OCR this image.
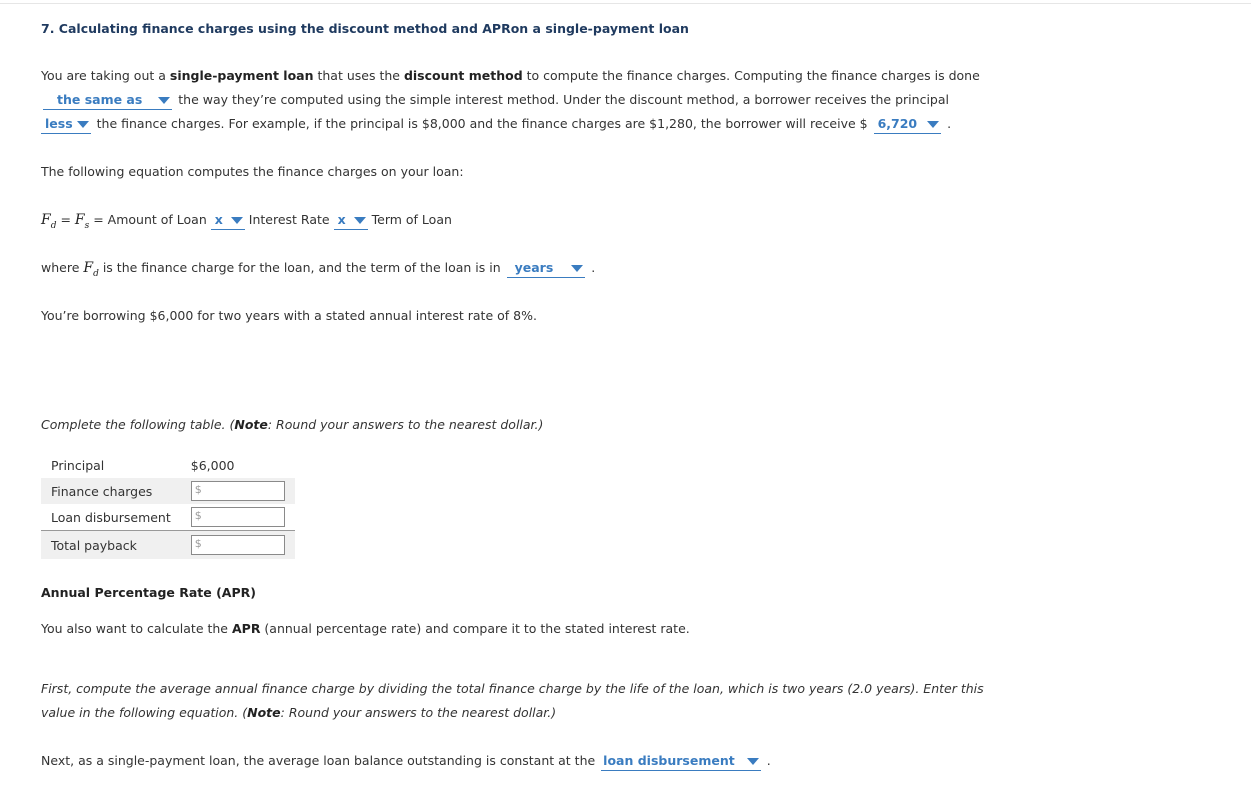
7. Calculating finance charges using the discount method and APRon a single-payment loan
You are taking out a single-payment loan that uses the discount method to compute the finance charges. Computing the finance charges is done
the same as	the way they’re computed using the simple interest method. Under the discount method, a borrower receives the principal
less
the finance charges. For example, if the principal is $8,000 and the finance charges are $1,280, the borrower will receive $ 6,720
.
The following equation computes the finance charges on your loan:
$F_d = F_s$ = Amount of Loan x
Interest Rate x
Term of Loan
where $F_d$ is the finance charge for the loan, and the term of the loan is in years	.
You’re borrowing $6,000 for two years with a stated annual interest rate of 8%.
Complete the following table. (Note: Round your answers to the nearest dollar.)
Principal	$6,000
Finance charges	$

Loan disbursement	$

Total payback	$
Annual Percentage Rate (APR)
You also want to calculate the APR (annual percentage rate) and compare it to the stated interest rate.
First, compute the average annual finance charge by dividing the total finance charge by the life of the loan, which is two years (2.0 years). Enter this
value in the following equation. (Note: Round your answers to the nearest dollar.)
Next, as a single-payment loan, the average loan balance outstanding is constant at the loan disbursement
.
